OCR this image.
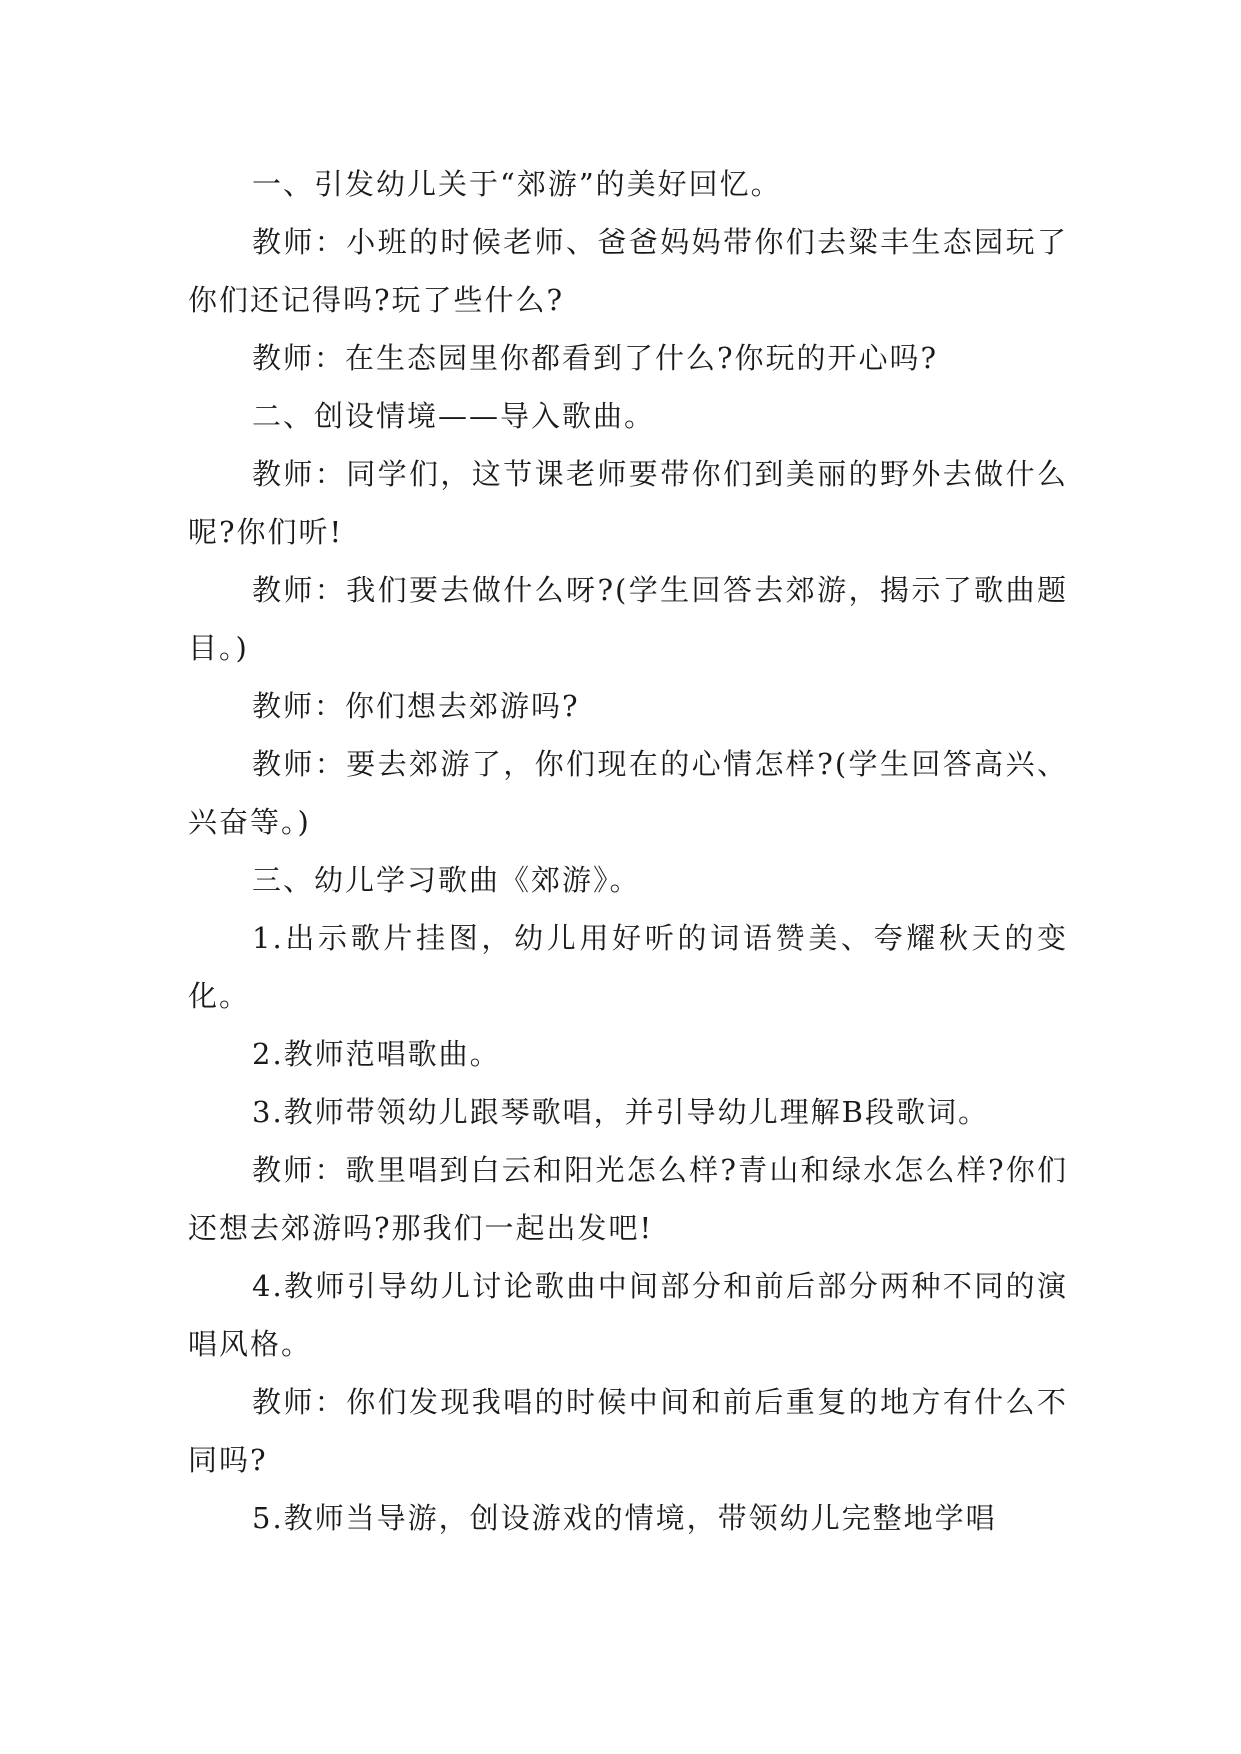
一、引发幼儿关于“郊游”的美好回忆。

教师：小班的时候老师、爸爸妈妈带你们去粱丰生态园玩了你们还记得吗?玩了些什么?

教师：在生态园里你都看到了什么?你玩的开心吗?

二、创设情境——导入歌曲。

教师：同学们，这节课老师要带你们到美丽的野外去做什么呢?你们听!

教师：我们要去做什么呀?(学生回答去郊游，揭示了歌曲题目。)

教师：你们想去郊游吗?

教师：要去郊游了，你们现在的心情怎样?(学生回答高兴、兴奋等。)

三、幼儿学习歌曲《郊游》。

1.出示歌片挂图，幼儿用好听的词语赞美、夸耀秋天的变化。

2.教师范唱歌曲。

3.教师带领幼儿跟琴歌唱，并引导幼儿理解B段歌词。

教师：歌里唱到白云和阳光怎么样?青山和绿水怎么样?你们还想去郊游吗?那我们一起出发吧!

4.教师引导幼儿讨论歌曲中间部分和前后部分两种不同的演唱风格。

教师：你们发现我唱的时候中间和前后重复的地方有什么不同吗?

5.教师当导游，创设游戏的情境，带领幼儿完整地学唱
